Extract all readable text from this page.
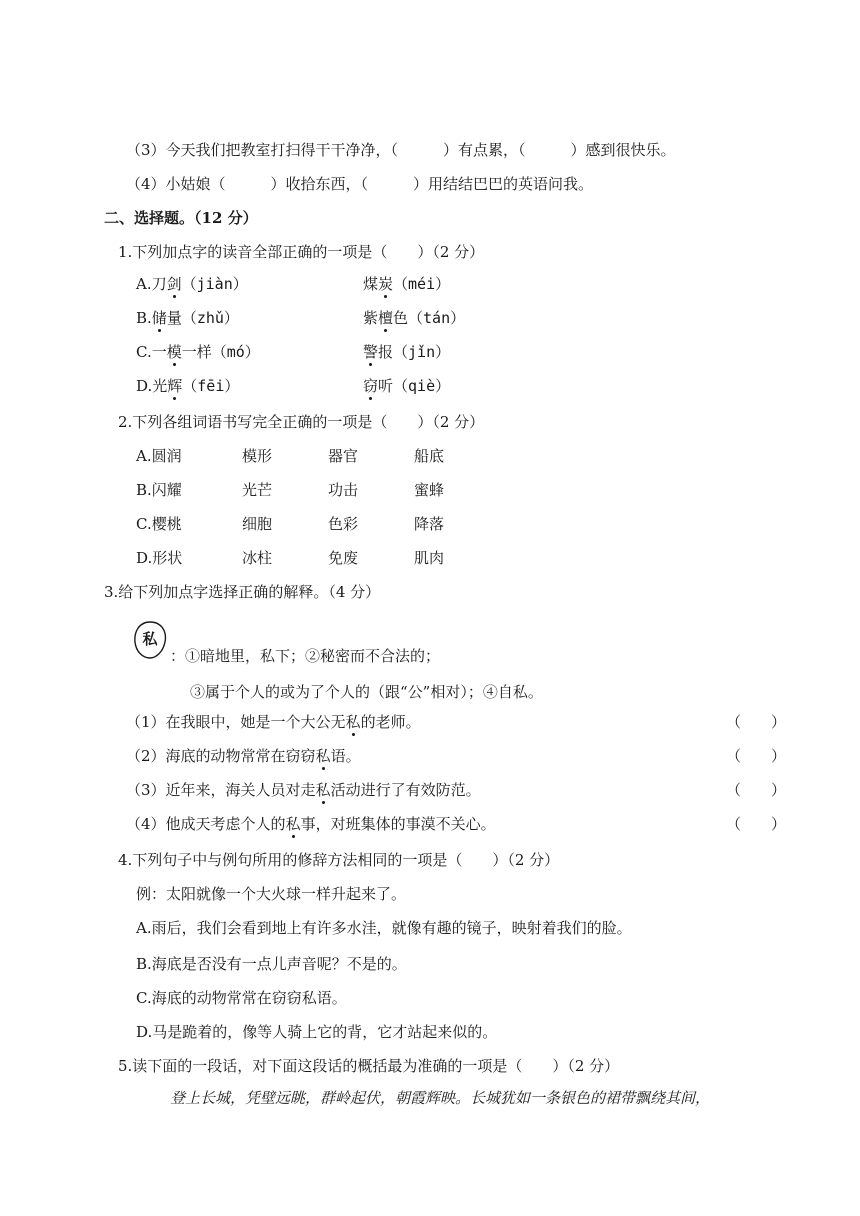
（3）今天我们把教室打扫得干干净净，（　　　）有点累，（　　　）感到很快乐。
（4）小姑娘（　　　）收拾东西，（　　　）用结结巴巴的英语问我。
二、选择题。（12 分）
1.下列加点字的读音全部正确的一项是（　　）（2 分）
A.刀剑（jiàn）	煤炭（méi）
B.储量（zhǔ）	紫檀色（tán）
C.一模一样（mó）	警报（jǐn）
D.光辉（fēi）	窃听（qiè）
2.下列各组词语书写完全正确的一项是（　　）（2 分）
A.圆润	模形	器官	船底
B.闪耀	光芒	功击	蜜蜂
C.樱桃	细胞	色彩	降落
D.形状	冰柱	免废	肌肉
3.给下列加点字选择正确的解释。（4 分）
私
：①暗地里，私下；②秘密而不合法的；
③属于个人的或为了个人的（跟“公”相对）；④自私。
（1）在我眼中，她是一个大公无私的老师。	（　　）
（2）海底的动物常常在窃窃私语。	（　　）
（3）近年来，海关人员对走私活动进行了有效防范。	（　　）
（4）他成天考虑个人的私事，对班集体的事漠不关心。	（　　）
4.下列句子中与例句所用的修辞方法相同的一项是（　　）（2 分）
例：太阳就像一个大火球一样升起来了。
A.雨后，我们会看到地上有许多水洼，就像有趣的镜子，映射着我们的脸。
B.海底是否没有一点儿声音呢？不是的。
C.海底的动物常常在窃窃私语。
D.马是跪着的，像等人骑上它的背，它才站起来似的。
5.读下面的一段话，对下面这段话的概括最为准确的一项是（　　）（2 分）
登上长城，凭壁远眺，群岭起伏，朝霞辉映。长城犹如一条银色的裙带飘绕其间，
